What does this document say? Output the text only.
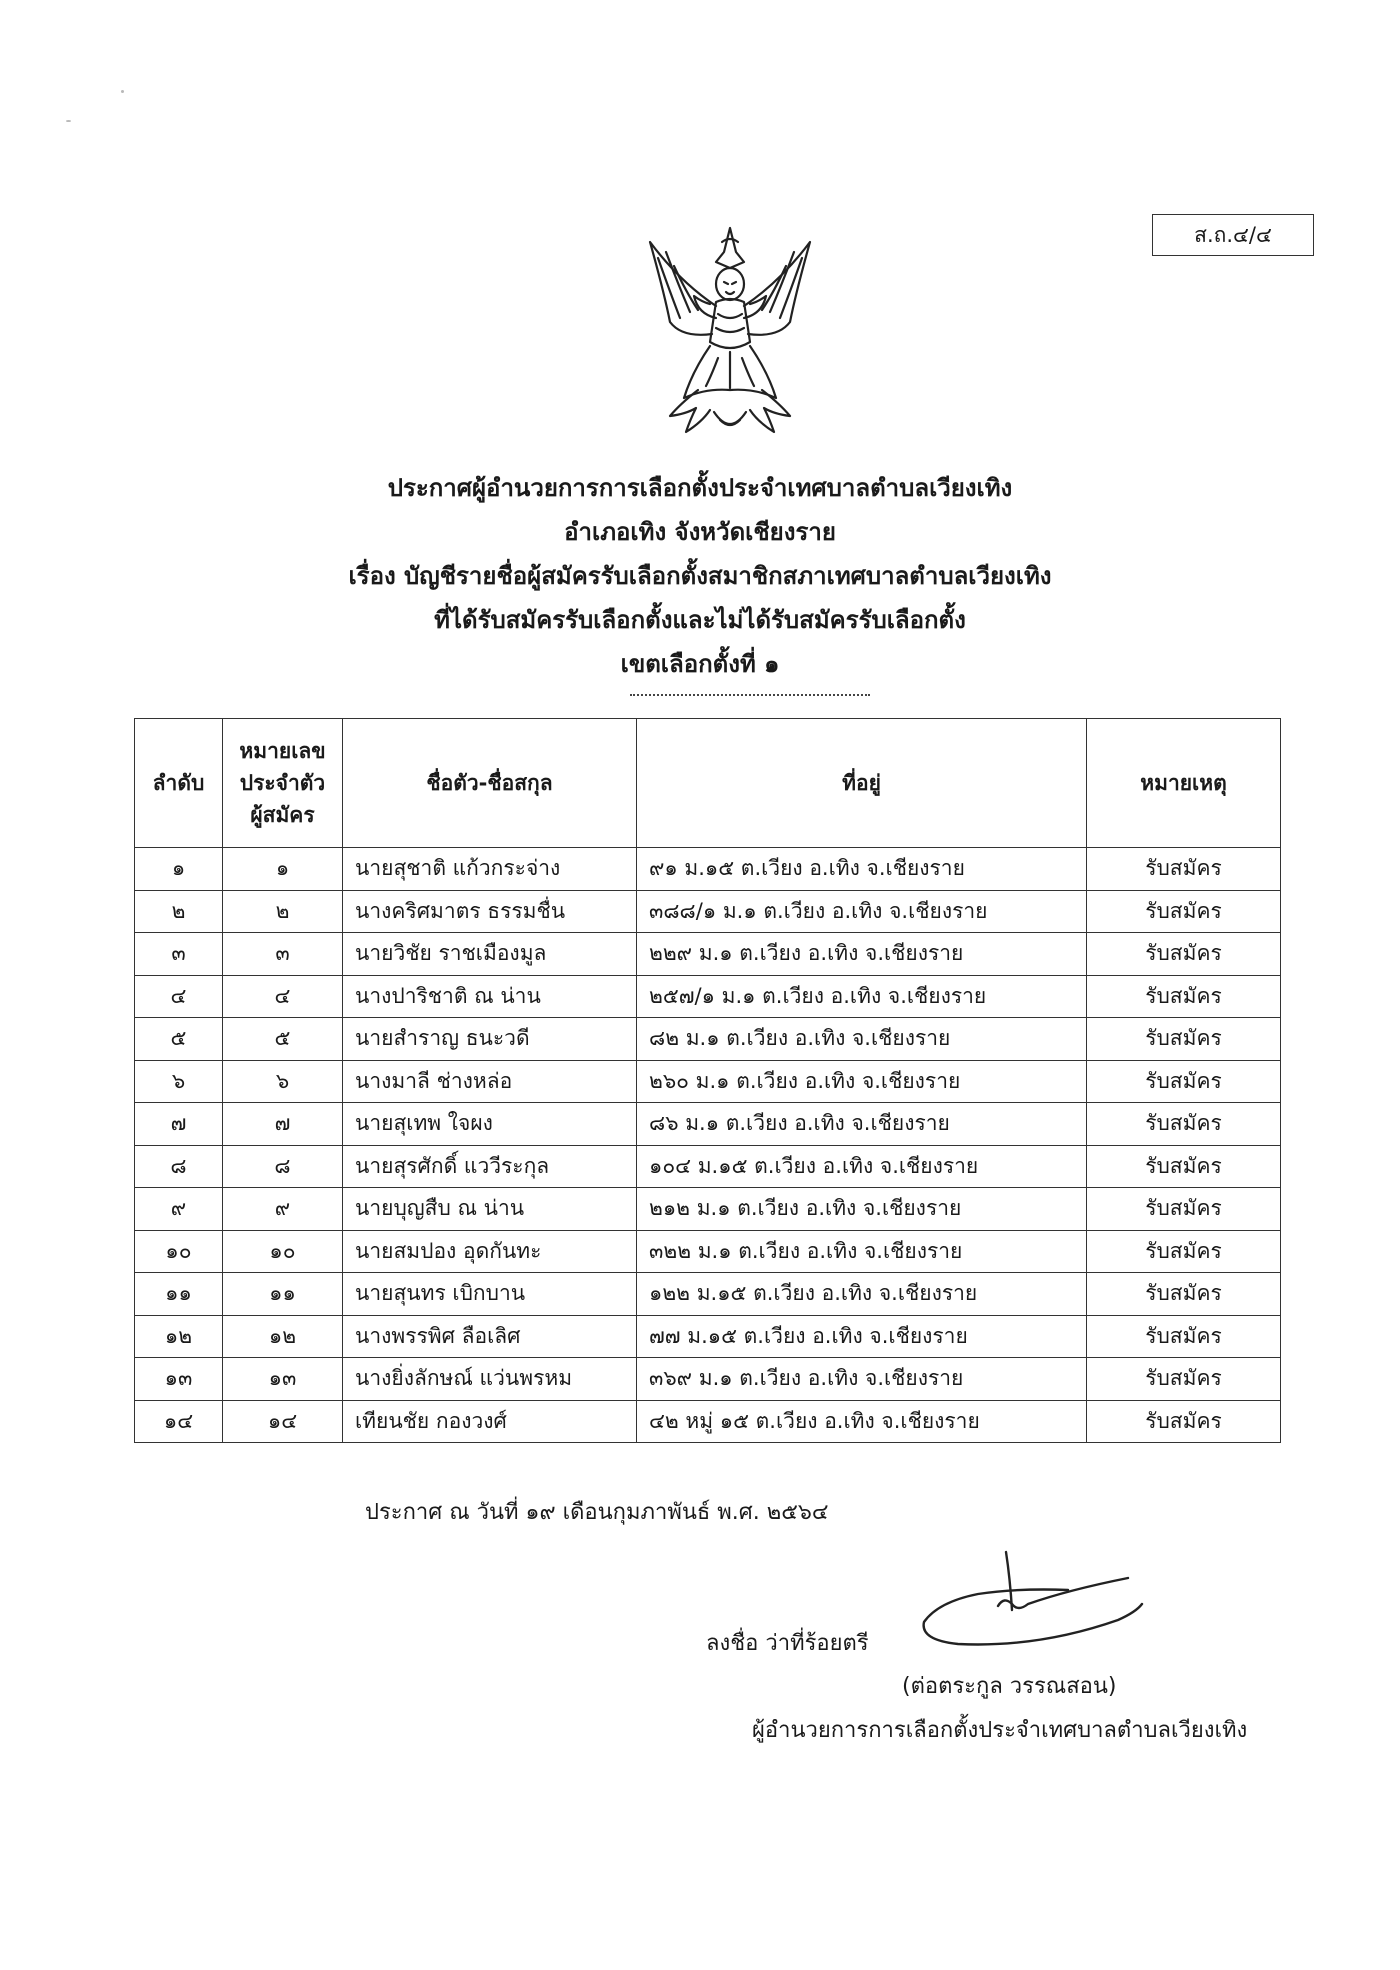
ส.ถ.๔/๔
ประกาศผู้อำนวยการการเลือกตั้งประจำเทศบาลตำบลเวียงเทิง
อำเภอเทิง จังหวัดเชียงราย
เรื่อง บัญชีรายชื่อผู้สมัครรับเลือกตั้งสมาชิกสภาเทศบาลตำบลเวียงเทิง
ที่ได้รับสมัครรับเลือกตั้งและไม่ได้รับสมัครรับเลือกตั้ง
เขตเลือกตั้งที่ ๑
ลำดับ	หมายเลข
ประจำตัว
ผู้สมัคร	ชื่อตัว-ชื่อสกุล	ที่อยู่	หมายเหตุ
๑	๑	นายสุชาติ แก้วกระจ่าง	๙๑ ม.๑๕ ต.เวียง อ.เทิง จ.เชียงราย	รับสมัคร
๒	๒	นางคริศมาตร ธรรมชื่น	๓๘๘/๑ ม.๑ ต.เวียง อ.เทิง จ.เชียงราย	รับสมัคร
๓	๓	นายวิชัย ราชเมืองมูล	๒๒๙ ม.๑ ต.เวียง อ.เทิง จ.เชียงราย	รับสมัคร
๔	๔	นางปาริชาติ ณ น่าน	๒๕๗/๑ ม.๑ ต.เวียง อ.เทิง จ.เชียงราย	รับสมัคร
๕	๕	นายสำราญ ธนะวดี	๘๒ ม.๑ ต.เวียง อ.เทิง จ.เชียงราย	รับสมัคร
๖	๖	นางมาลี ช่างหล่อ	๒๖๐ ม.๑ ต.เวียง อ.เทิง จ.เชียงราย	รับสมัคร
๗	๗	นายสุเทพ ใจผง	๘๖ ม.๑ ต.เวียง อ.เทิง จ.เชียงราย	รับสมัคร
๘	๘	นายสุรศักดิ์ แววีระกุล	๑๐๔ ม.๑๕ ต.เวียง อ.เทิง จ.เชียงราย	รับสมัคร
๙	๙	นายบุญสืบ ณ น่าน	๒๑๒ ม.๑ ต.เวียง อ.เทิง จ.เชียงราย	รับสมัคร
๑๐	๑๐	นายสมปอง อุดกันทะ	๓๒๒ ม.๑ ต.เวียง อ.เทิง จ.เชียงราย	รับสมัคร
๑๑	๑๑	นายสุนทร เบิกบาน	๑๒๒ ม.๑๕ ต.เวียง อ.เทิง จ.เชียงราย	รับสมัคร
๑๒	๑๒	นางพรรพิศ ลือเลิศ	๗๗ ม.๑๕ ต.เวียง อ.เทิง จ.เชียงราย	รับสมัคร
๑๓	๑๓	นางยิ่งลักษณ์ แว่นพรหม	๓๖๙ ม.๑ ต.เวียง อ.เทิง จ.เชียงราย	รับสมัคร
๑๔	๑๔	เทียนชัย กองวงศ์	๔๒ หมู่ ๑๕ ต.เวียง อ.เทิง จ.เชียงราย	รับสมัคร
ประกาศ ณ วันที่ ๑๙ เดือนกุมภาพันธ์ พ.ศ. ๒๕๖๔
ลงชื่อ ว่าที่ร้อยตรี
(ต่อตระกูล วรรณสอน)
ผู้อำนวยการการเลือกตั้งประจำเทศบาลตำบลเวียงเทิง
